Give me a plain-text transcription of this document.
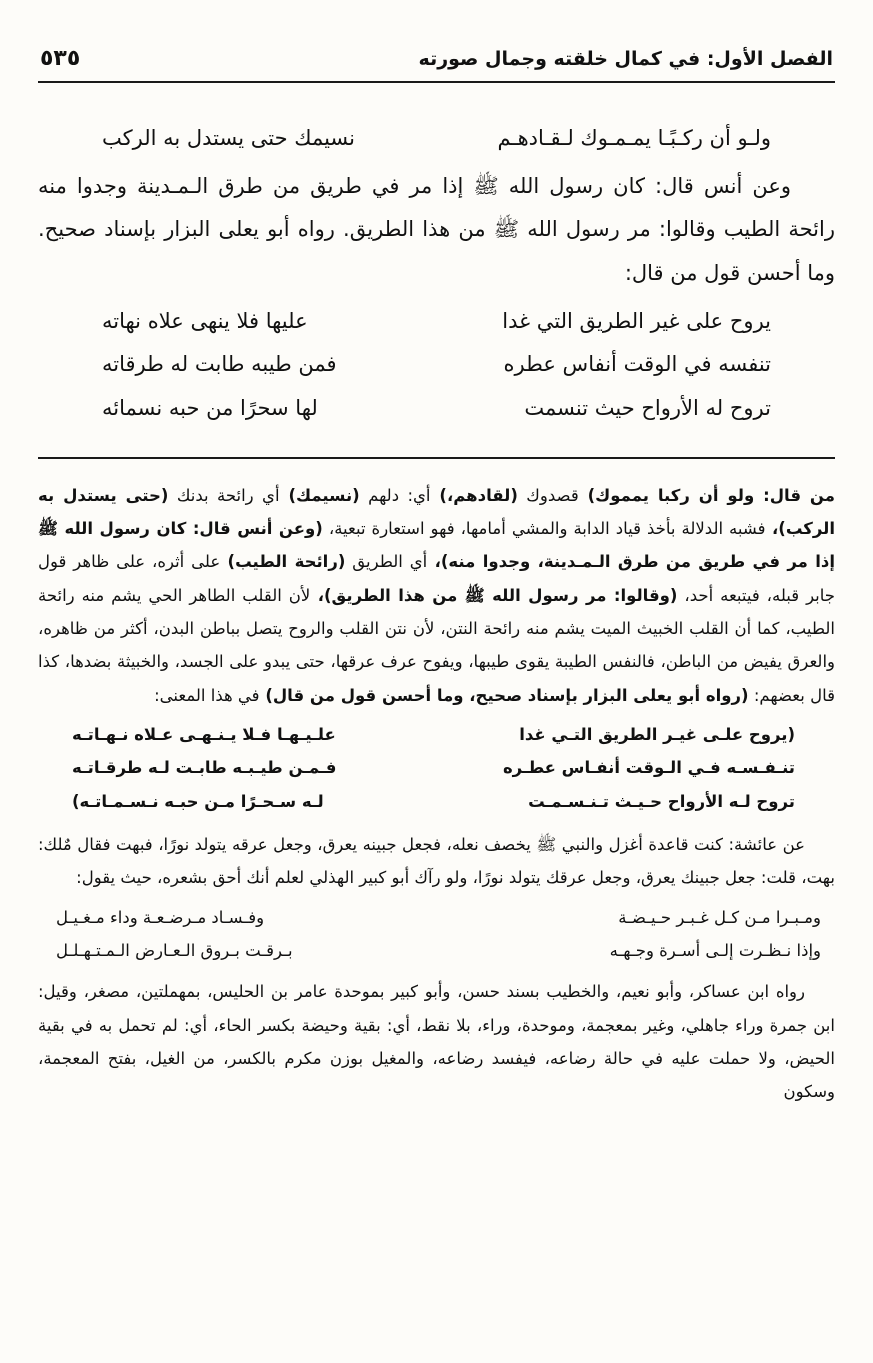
الفصل الأول: في كمال خلقته وجمال صورته
٥٣٥
ولـو أن ركـبًـا يمـمـوك لـقـادهـم
نسيمك حتى يستدل به الركب

وعن أنس قال: كان رسول الله ﷺ إذا مر في طريق من طرق الـمـدينة وجدوا منه رائحة الطيب وقالوا: مر رسول الله ﷺ من هذا الطريق. رواه أبو يعلى البزار بإسناد صحيح. وما أحسن قول من قال:

يروح على غير الطريق التي غدا
عليها فلا ينهى علاه نهاته
تنفسه في الوقت أنفاس عطره
فمن طيبه طابت له طرقاته
تروح له الأرواح حيث تنسمت
لها سحرًا من حبه نسمائه

من قال: ولو أن ركبا يمموك) قصدوك (لقادهم،) أي: دلهم (نسيمك) أي رائحة بدنك (حتى يستدل به الركب)، فشبه الدلالة بأخذ قياد الدابة والمشي أمامها، فهو استعارة تبعية، (وعن أنس قال: كان رسول الله ﷺ إذا مر في طريق من طرق الـمـدينة، وجدوا منه)، أي الطريق (رائحة الطيب) على أثره، على ظاهر قول جابر قبله، فيتبعه أحد، (وقالوا: مر رسول الله ﷺ من هذا الطريق)، لأن القلب الطاهر الحي يشم منه رائحة الطيب، كما أن القلب الخبيث الميت يشم منه رائحة النتن، لأن نتن القلب والروح يتصل بباطن البدن، أكثر من ظاهره، والعرق يفيض من الباطن، فالنفس الطيبة يقوى طيبها، ويفوح عرف عرقها، حتى يبدو على الجسد، والخبيثة بضدها، كذا قال بعضهم: (رواه أبو يعلى البزار بإسناد صحيح، وما أحسن قول من قال) في هذا المعنى:

(يروح علـى غيـر الطريق التـي غدا
علـيـهـا فـلا يـنـهـى عـلاه نـهـاتـه
تنـفـسـه فـي الـوقت أنفـاس عطـره
فـمـن طيـبـه طابـت لـه طرقـاتـه
تروح لـه الأرواح حـيـث تـنـسـمـت
لـه سـحـرًا مـن حبـه نـسـمـاتـه)

عن عائشة: كنت قاعدة أغزل والنبي ﷺ يخصف نعله، فجعل جبينه يعرق، وجعل عرقه يتولد نورًا، فبهت فقال مٌلك: بهت، قلت: جعل جبينك يعرق، وجعل عرقك يتولد نورًا، ولو رآك أبو كبير الهذلي لعلم أنك أحق بشعره، حيث يقول:

ومـبـرا مـن كـل غـبـر حـيـضـة
وفـسـاد مـرضـعـة وداء مـغـيـل
وإذا نـظـرت إلـى أسـرة وجـهـه
بـرقـت بـروق الـعـارض الـمـتـهـلـل

رواه ابن عساكر، وأبو نعيم، والخطيب بسند حسن، وأبو كبير بموحدة عامر بن الحليس، بمهملتين، مصغر، وقيل: ابن جمرة وراء جاهلي، وغير بمعجمة، وموحدة، وراء، بلا نقط، أي: بقية وحيضة بكسر الحاء، أي: لم تحمل به في بقية الحيض، ولا حملت عليه في حالة رضاعه، فيفسد رضاعه، والمغيل بوزن مكرم بالكسر، من الغيل، بفتح المعجمة، وسكون
